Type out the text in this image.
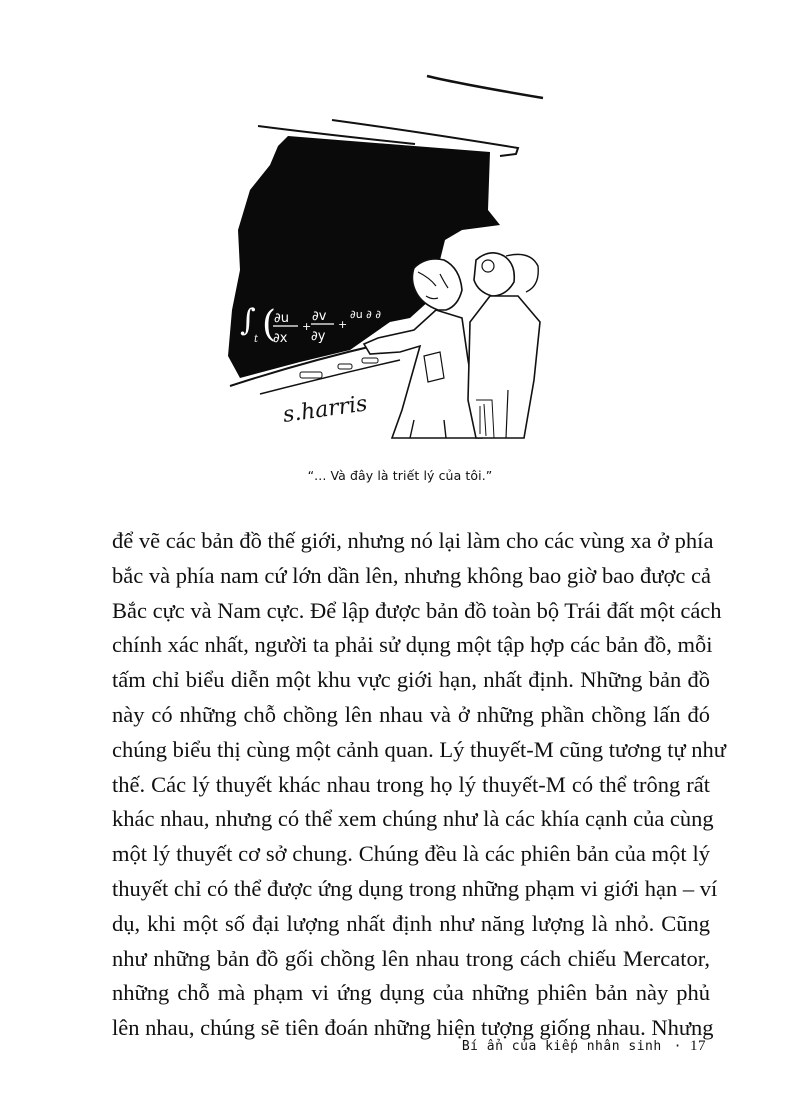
∫
t (
∂u
∂x
+
∂v
∂y
+
∂u ∂ ∂
s.harris
“... Và đây là triết lý của tôi.”
để vẽ các bản đồ thế giới, nhưng nó lại làm cho các vùng xa ở phía
bắc và phía nam cứ lớn dần lên, nhưng không bao giờ bao được cả
Bắc cực và Nam cực. Để lập được bản đồ toàn bộ Trái đất một cách
chính xác nhất, người ta phải sử dụng một tập hợp các bản đồ, mỗi
tấm chỉ biểu diễn một khu vực giới hạn, nhất định. Những bản đồ
này có những chỗ chồng lên nhau và ở những phần chồng lấn đó
chúng biểu thị cùng một cảnh quan. Lý thuyết-M cũng tương tự như
thế. Các lý thuyết khác nhau trong họ lý thuyết-M có thể trông rất
khác nhau, nhưng có thể xem chúng như là các khía cạnh của cùng
một lý thuyết cơ sở chung. Chúng đều là các phiên bản của một lý
thuyết chỉ có thể được ứng dụng trong những phạm vi giới hạn – ví
dụ, khi một số đại lượng nhất định như năng lượng là nhỏ. Cũng
như những bản đồ gối chồng lên nhau trong cách chiếu Mercator,
những chỗ mà phạm vi ứng dụng của những phiên bản này phủ
lên nhau, chúng sẽ tiên đoán những hiện tượng giống nhau. Nhưng
Bí ẩn của kiếp nhân sinh · 17
